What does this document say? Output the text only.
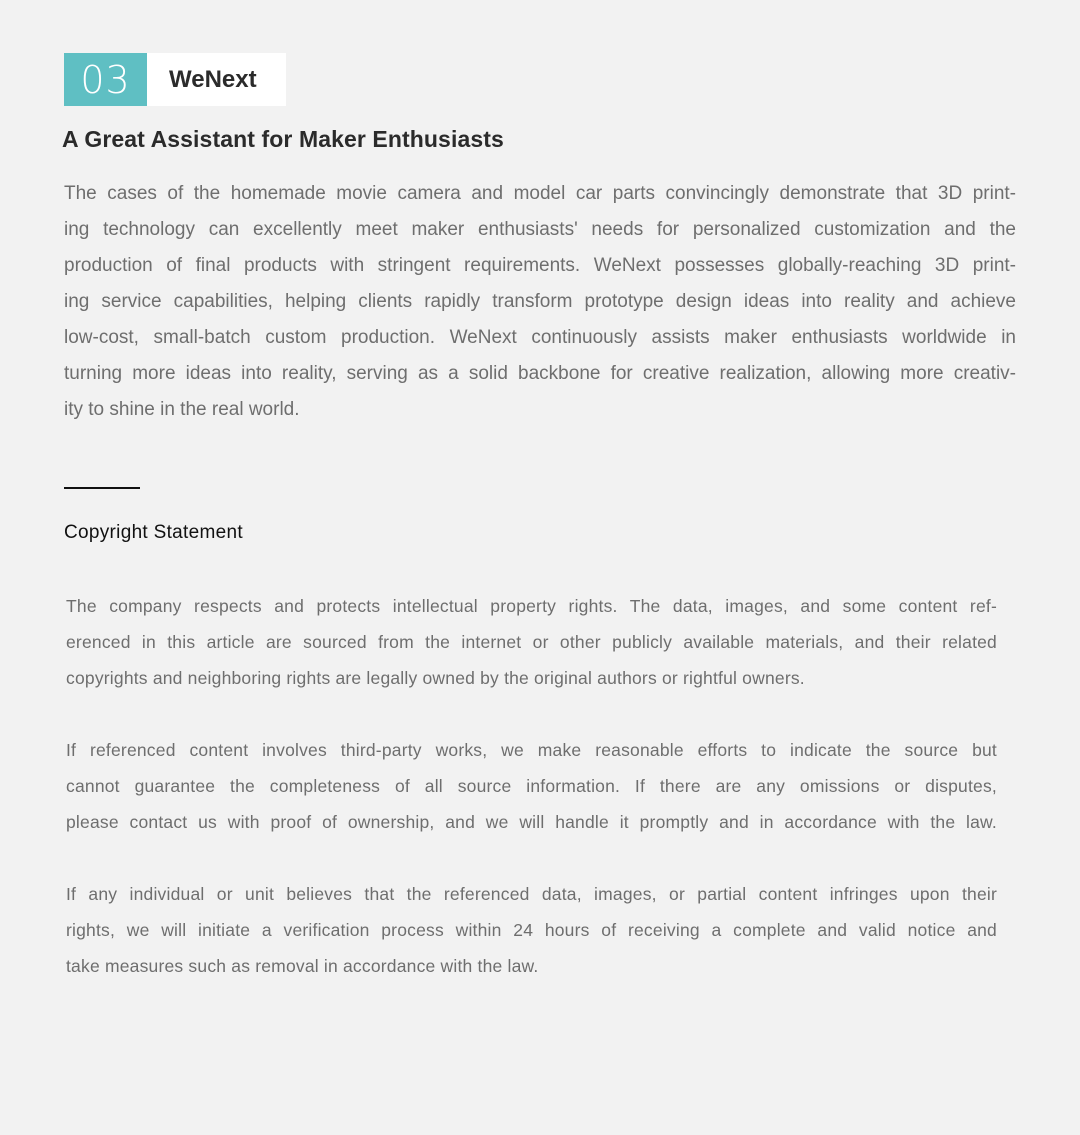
03	WeNext
A Great Assistant for Maker Enthusiasts
The cases of the homemade movie camera and model car parts convincingly demonstrate that 3D print-
ing technology can excellently meet maker enthusiasts' needs for personalized customization and the
production of final products with stringent requirements. WeNext possesses globally-reaching 3D print-
ing service capabilities, helping clients rapidly transform prototype design ideas into reality and achieve
low-cost, small-batch custom production. WeNext continuously assists maker enthusiasts worldwide in
turning more ideas into reality, serving as a solid backbone for creative realization, allowing more creativ-
ity to shine in the real world.
Copyright Statement
The company respects and protects intellectual property rights. The data, images, and some content ref-
erenced in this article are sourced from the internet or other publicly available materials, and their related
copyrights and neighboring rights are legally owned by the original authors or rightful owners.
If referenced content involves third-party works, we make reasonable efforts to indicate the source but
cannot guarantee the completeness of all source information. If there are any omissions or disputes,
please contact us with proof of ownership, and we will handle it promptly and in accordance with the law.
If any individual or unit believes that the referenced data, images, or partial content infringes upon their
rights, we will initiate a verification process within 24 hours of receiving a complete and valid notice and
take measures such as removal in accordance with the law.
